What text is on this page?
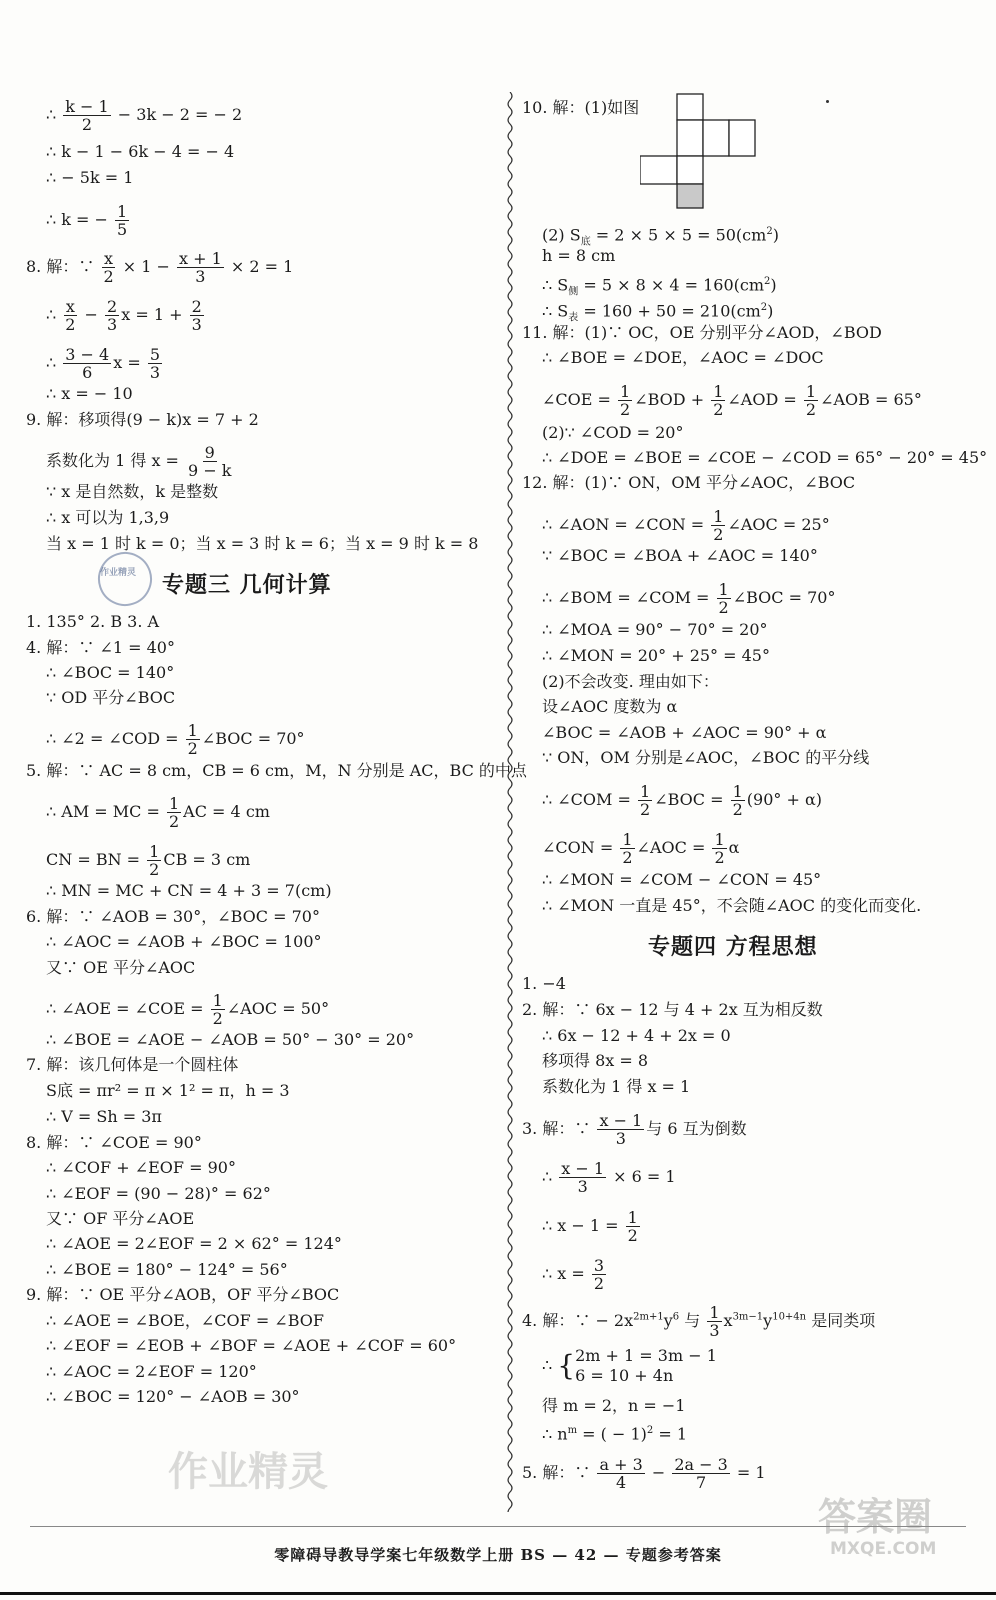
∴ $\frac{k - 1}{2} - 3k - 2$ = − 2
∴ k − 1 − 6k − 4 = − 4
∴ − 5k = 1
∴ k = − $\frac{1}{5}$
8. 解：∵ $\frac{x}{2} \times 1 - \frac{x + 1}{3} \times 2 = 1$
∴ $\frac{x}{2} - \frac{2}{3}$ $x = 1 + \frac{2}{3}$
∴ $\frac{3 - 4}{6}$ $x = \frac{5}{3}$
∴ x = − 10
9. 解：移项得(9 − k)x = 7 + 2
系数化为 1 得 $x = \frac{9}{9 - k}$
∵ x 是自然数，k 是整数
∴ x 可以为 1,3,9
当 x = 1 时 k = 0；当 x = 3 时 k = 6；当 x = 9 时 k = 8
专题三 几何计算
1. 135° 2. B 3. A
4. 解：∵ ∠1 = 40°
∴ ∠BOC = 140°
∵ OD 平分∠BOC
∴ ∠2 = ∠COD = $\frac{1}{2}$ ∠BOC = 70°
5. 解：∵ AC = 8 cm，CB = 6 cm，M，N 分别是 AC，BC 的中点
∴ AM = MC = $\frac{1}{2}$ AC = 4 cm
CN = BN = $\frac{1}{2}$ CB = 3 cm
∴ MN = MC + CN = 4 + 3 = 7(cm)
6. 解：∵ ∠AOB = 30°，∠BOC = 70°
∴ ∠AOC = ∠AOB + ∠BOC = 100°
又∵ OE 平分∠AOC
∴ ∠AOE = ∠COE = $\frac{1}{2}$ ∠AOC = 50°
∴ ∠BOE = ∠AOE − ∠AOB = 50° − 30° = 20°
7. 解：该几何体是一个圆柱体
S底 = πr² = π × 1² = π，h = 3
∴ V = Sh = 3π
8. 解：∵ ∠COE = 90°
∴ ∠COF + ∠EOF = 90°
∴ ∠EOF = (90 − 28)° = 62°
又∵ OF 平分∠AOE
∴ ∠AOE = 2∠EOF = 2 × 62° = 124°
∴ ∠BOE = 180° − 124° = 56°
9. 解：∵ OE 平分∠AOB，OF 平分∠BOC
∴ ∠AOE = ∠BOE，∠COF = ∠BOF
∴ ∠EOF = ∠EOB + ∠BOF = ∠AOE + ∠COF = 60°
∴ ∠AOC = 2∠EOF = 120°
∴ ∠BOC = 120° − ∠AOB = 30°
10. 解：(1)如图
(2) $S_底 = 2 \times 5 \times 5 = 50(cm^2)$
h = 8 cm
∴ $S_侧 = 5 \times 8 \times 4 = 160(cm^2)$
∴ $S_表 = 160 + 50 = 210(cm^2)$
11. 解：(1)∵ OC，OE 分别平分∠AOD，∠BOD
∴ ∠BOE = ∠DOE，∠AOC = ∠DOC
∠COE = $\frac{1}{2}$ ∠BOD + $\frac{1}{2}$ ∠AOD = $\frac{1}{2}$ ∠AOB = 65°
(2)∵ ∠COD = 20°
∴ ∠DOE = ∠BOE = ∠COE − ∠COD = 65° − 20° = 45°
12. 解：(1)∵ ON，OM 平分∠AOC，∠BOC
∴ ∠AON = ∠CON = $\frac{1}{2}$ ∠AOC = 25°
∵ ∠BOC = ∠BOA + ∠AOC = 140°
∴ ∠BOM = ∠COM = $\frac{1}{2}$ ∠BOC = 70°
∴ ∠MOA = 90° − 70° = 20°
∴ ∠MON = 20° + 25° = 45°
(2)不会改变. 理由如下：
设∠AOC 度数为 α
∠BOC = ∠AOB + ∠AOC = 90° + α
∵ ON，OM 分别是∠AOC，∠BOC 的平分线
∴ ∠COM = $\frac{1}{2}$ ∠BOC = $\frac{1}{2} (90^\circ + \alpha)$
∠CON = $\frac{1}{2}$ ∠AOC = $\frac{1}{2}$ α
∴ ∠MON = ∠COM − ∠CON = 45°
∴ ∠MON 一直是 45°，不会随∠AOC 的变化而变化.
专题四 方程思想
1. −4
2. 解：∵ 6x − 12 与 4 + 2x 互为相反数
∴ 6x − 12 + 4 + 2x = 0
移项得 8x = 8
系数化为 1 得 x = 1
3. 解：∵ $\frac{x - 1}{3}$ 与 6 互为倒数
∴ $\frac{x - 1}{3} \times 6 = 1$
∴ $x - 1 = \frac{1}{2}$
∴ $x = \frac{3}{2}$
4. 解：∵ − $2x^{2m+1}y^6$ 与 $\frac{1}{3} x^{3m-1}y^{10+4n}$ 是同类项
∴ {2m + 1 = 3m − 1
6 = 10 + 4n
得 m = 2，n = −1
∴ $n^m$ = ( − 1)$^2$ = 1
5. 解：∵ $\frac{a + 3}{4} - \frac{2a - 3}{7} = 1$
作业精灵
作业精灵
答案圈
MXQE.COM
零障碍导教导学案七年级数学上册 BS — 42 — 专题参考答案
